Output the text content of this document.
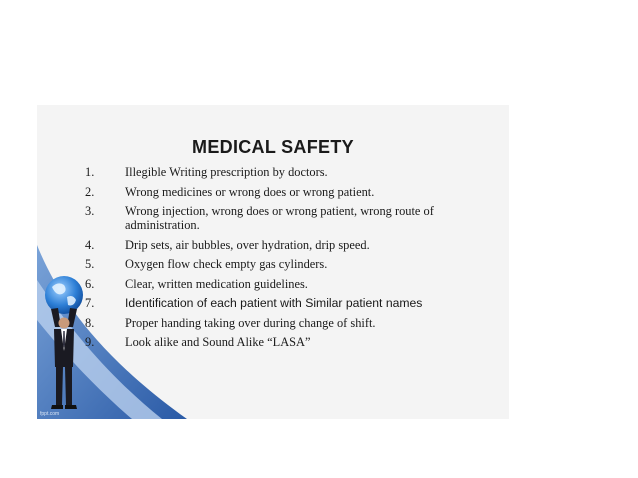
MEDICAL SAFETY
1.	Illegible Writing prescription by doctors.
2.	Wrong medicines or wrong does or wrong patient.
3.	Wrong injection, wrong does or wrong patient, wrong route of administration.
4.	Drip sets, air bubbles, over hydration, drip speed.
5.	Oxygen flow check empty gas cylinders.
6.	Clear, written medication guidelines.
7.	Identification of each patient with Similar patient names
8.	Proper handing taking over during change of shift.
9.	Look alike and Sound Alike “LASA”
fppt.com
